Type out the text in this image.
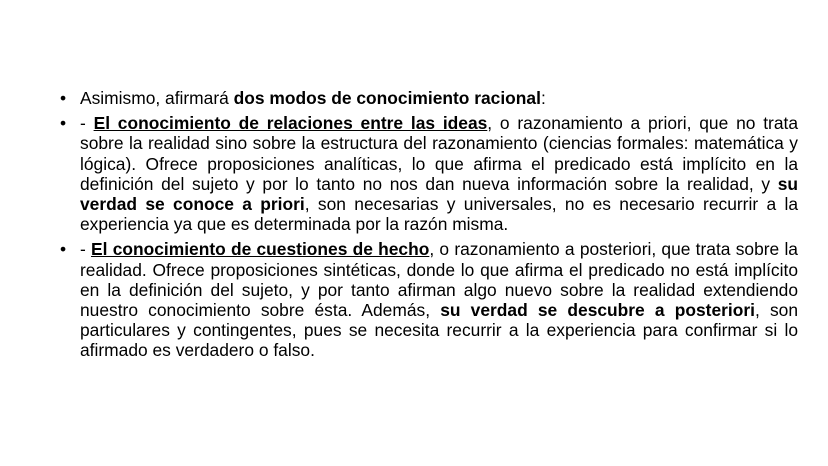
• Asimismo, afirmará dos modos de conocimiento racional:
• - El conocimiento de relaciones entre las ideas, o razonamiento a priori, que no trata sobre la realidad sino sobre la estructura del razonamiento (ciencias formales: matemática y lógica). Ofrece proposiciones analíticas, lo que afirma el predicado está implícito en la definición del sujeto y por lo tanto no nos dan nueva información sobre la realidad, y su verdad se conoce a priori, son necesarias y universales, no es necesario recurrir a la experiencia ya que es determinada por la razón misma.
• - El conocimiento de cuestiones de hecho, o razonamiento a posteriori, que trata sobre la realidad. Ofrece proposiciones sintéticas, donde lo que afirma el predicado no está implícito en la definición del sujeto, y por tanto afirman algo nuevo sobre la realidad extendiendo nuestro conocimiento sobre ésta. Además, su verdad se descubre a posteriori, son particulares y contingentes, pues se necesita recurrir a la experiencia para confirmar si lo afirmado es verdadero o falso.
